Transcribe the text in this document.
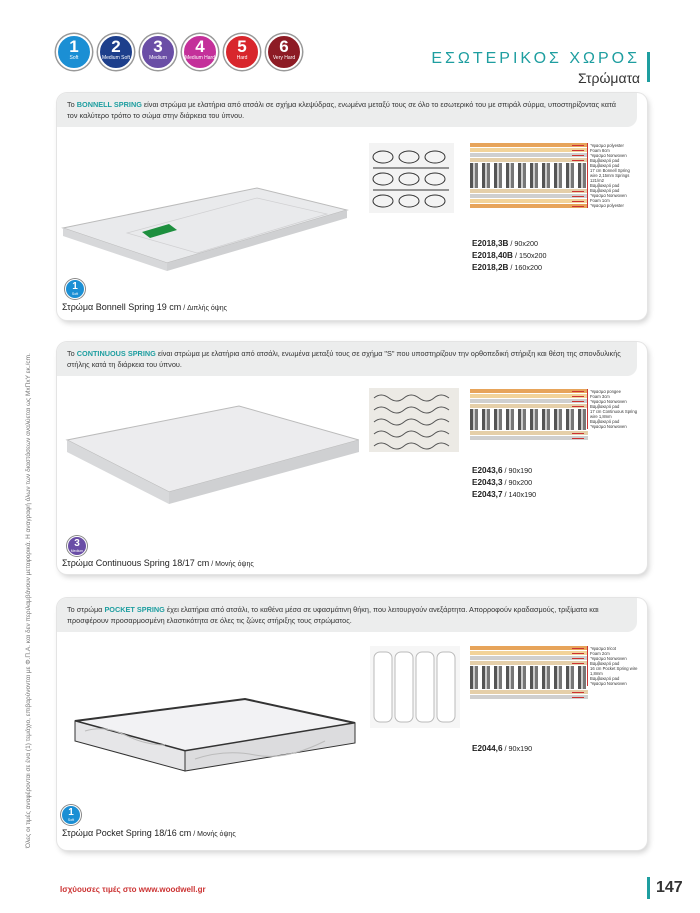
1
Soft
2
Medium Soft
3
Medium
4
Medium Hard
5
Hard
6
Very Hard	ΕΣΩΤΕΡΙΚΟΣ ΧΩΡΟΣ
Στρώματα
Όλες οι τιμές αναφέρονται σε ένα (1) τεμάχιο, επιβαρύνονται με Φ.Π.Α. και δεν περιλαμβάνουν μεταφορικά. Η αναγραφή όλων των διαστάσεων αναλύεται ως ΜxΠxΥ εκ./cm.
Το BONNELL SPRING είναι στρώμα με ελατήρια από ατσάλι σε σχήμα κλεψύδρας, ενωμένα μεταξύ τους σε όλο το εσωτερικό του με σπιράλ σύρμα, υποστηρίζοντας κατά τον καλύτερο τρόπο το σώμα στην διάρκεια του ύπνου.
Ύφασμα polyester
Foam 8cm
Ύφασμα Nonwoven
Βαμβακερό pad
Βαμβακερό pad
17 cm Bonnell Spring wire 2,15mm Springs 121/m2
Βαμβακερό pad
Βαμβακερό pad
Ύφασμα Nonwoven
Foam 1cm
Ύφασμα polyester
E2018,3B / 90x200
E2018,40B / 150x200
E2018,2B / 160x200
1
Soft
Στρώμα Bonnell Spring 19 cm / Διπλής όψης
Το CONTINUOUS SPRING είναι στρώμα με ελατήρια από ατσάλι, ενωμένα μεταξύ τους σε σχήμα "S" που υποστηρίζουν την ορθοπεδική στήριξη και θέση της σπονδυλικής στήλης κατά τη διάρκεια του ύπνου.
Ύφασμα pongee
Foam 3cm
Ύφασμα Nonwoven
Βαμβακερό pad
17 cm Continuous Spring wire 1,8mm
Βαμβακερό pad
Ύφασμα Nonwoven
E2043,6 / 90x190
E2043,3 / 90x200
E2043,7 / 140x190
3
Medium
Στρώμα Continuous Spring 18/17 cm / Μονής όψης
Το στρώμα POCKET SPRING έχει ελατήρια από ατσάλι, το καθένα μέσα σε υφασμάτινη θήκη, που λειτουργούν ανεξάρτητα. Απορροφούν κραδασμούς, τριξίματα και προσφέρουν προσαρμοσμένη ελαστικότητα σε όλες τις ζώνες στήριξης τους στρώματος.
Ύφασμα tricot
Foam 2cm
Ύφασμα Nonwoven
Βαμβακερό pad
16 cm Pocket Spring wire 1,8mm
Βαμβακερό pad
Ύφασμα Nonwoven
E2044,6 / 90x190
1
Soft
Στρώμα Pocket Spring 18/16 cm / Μονής όψης
Ισχύουσες τιμές στο www.woodwell.gr	147
